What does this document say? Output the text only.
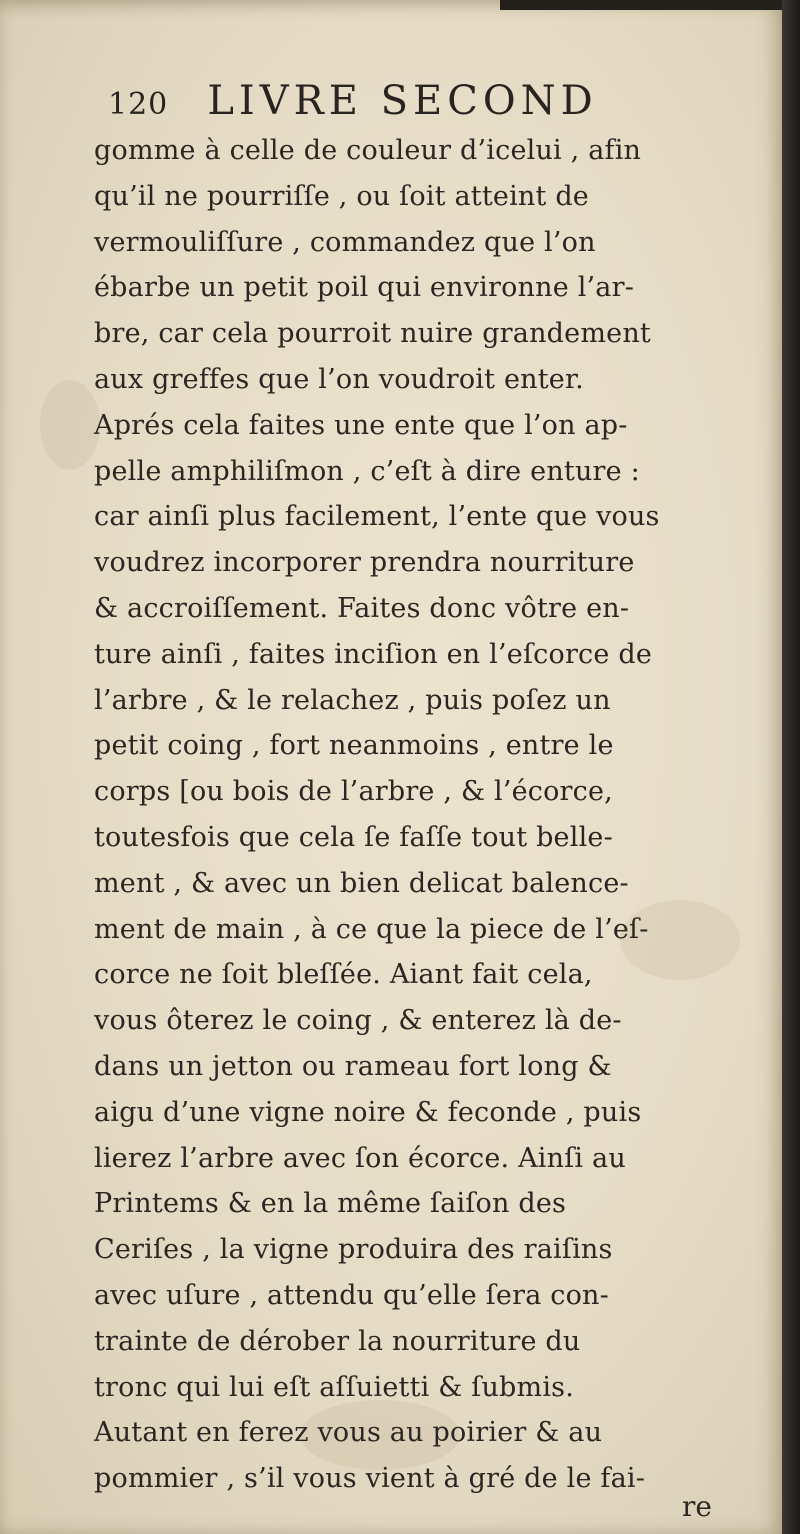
120 LIVRE SECOND
gomme à celle de couleur d’icelui , afin
qu’il ne pourriſſe , ou ſoit atteint de
vermouliſſure , commandez que l’on
ébarbe un petit poil qui environne l’ar-
bre, car cela pourroit nuire grandement
aux greffes que l’on voudroit enter.
Aprés cela faites une ente que l’on ap-
pelle amphiliſmon , c’eſt à dire enture :
car ainſi plus facilement, l’ente que vous
voudrez incorporer prendra nourriture
& accroiſſement. Faites donc vôtre en-
ture ainſi , faites inciſion en l’eſcorce de
l’arbre , & le relachez , puis poſez un
petit coing , fort neanmoins , entre le
corps [ou bois de l’arbre , & l’écorce,
toutesfois que cela ſe faſſe tout belle-
ment , & avec un bien delicat balence-
ment de main , à ce que la piece de l’eſ-
corce ne ſoit bleſſée. Aiant fait cela,
vous ôterez le coing , & enterez là de-
dans un jetton ou rameau fort long &
aigu d’une vigne noire & feconde , puis
lierez l’arbre avec ſon écorce. Ainſi au
Printems & en la même ſaiſon des
Ceriſes , la vigne produira des raiſins
avec uſure , attendu qu’elle ſera con-
trainte de dérober la nourriture du
tronc qui lui eſt aſſuietti & ſubmis.
Autant en ferez vous au poirier & au
pommier , s’il vous vient à gré de le fai-
re
